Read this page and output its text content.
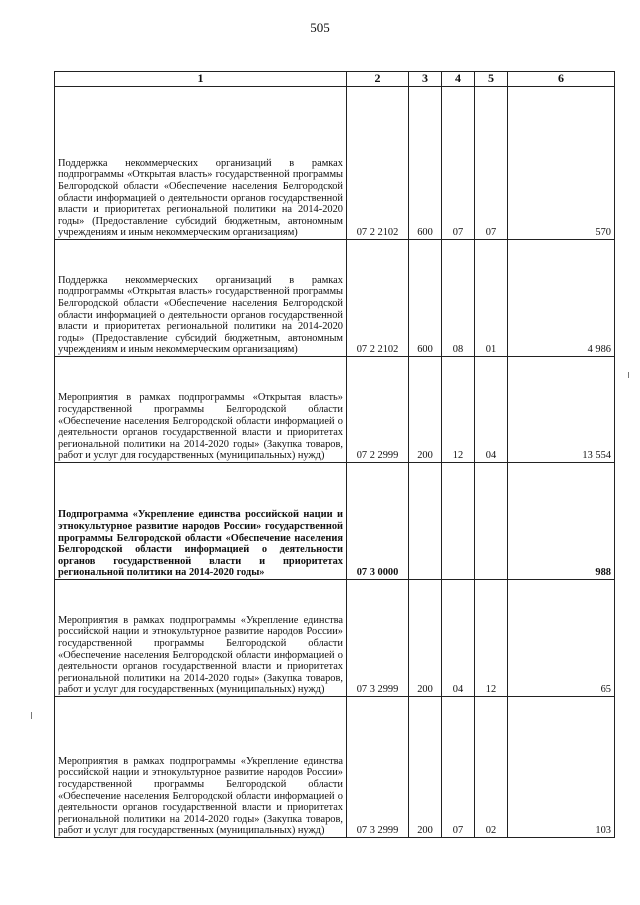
505
1	2	3	4	5	6
Поддержка некоммерческих организаций в рамках подпрограммы «Открытая власть» государственной программы Белгородской области «Обеспечение населения Белгородской области информацией о деятельности органов государственной власти и приоритетах региональной политики на 2014-2020 годы» (Предоставление субсидий бюджетным, автономным учреждениям и иным некоммерческим организациям)	07 2 2102	600	07	07	570
Поддержка некоммерческих организаций в рамках подпрограммы «Открытая власть» государственной программы Белгородской области «Обеспечение населения Белгородской области информацией о деятельности органов государственной власти и приоритетах региональной политики на 2014-2020 годы» (Предоставление субсидий бюджетным, автономным учреждениям и иным некоммерческим организациям)	07 2 2102	600	08	01	4 986
Мероприятия в рамках подпрограммы «Открытая власть» государственной программы Белгородской области «Обеспечение населения Белгородской области информацией о деятельности органов государственной власти и приоритетах региональной политики на 2014-2020 годы» (Закупка товаров, работ и услуг для государственных (муниципальных) нужд)	07 2 2999	200	12	04	13 554
Подпрограмма «Укрепление единства российской нации и этнокультурное развитие народов России» государственной программы Белгородской области «Обеспечение населения Белгородской области информацией о деятельности органов государственной власти и приоритетах региональной политики на 2014-2020 годы»	07 3 0000				988
Мероприятия в рамках подпрограммы «Укрепление единства российской нации и этнокультурное развитие народов России» государственной программы Белгородской области «Обеспечение населения Белгородской области информацией о деятельности органов государственной власти и приоритетах региональной политики на 2014-2020 годы» (Закупка товаров, работ и услуг для государственных (муниципальных) нужд)	07 3 2999	200	04	12	65
Мероприятия в рамках подпрограммы «Укрепление единства российской нации и этнокультурное развитие народов России» государственной программы Белгородской области «Обеспечение населения Белгородской области информацией о деятельности органов государственной власти и приоритетах региональной политики на 2014-2020 годы» (Закупка товаров, работ и услуг для государственных (муниципальных) нужд)	07 3 2999	200	07	02	103
